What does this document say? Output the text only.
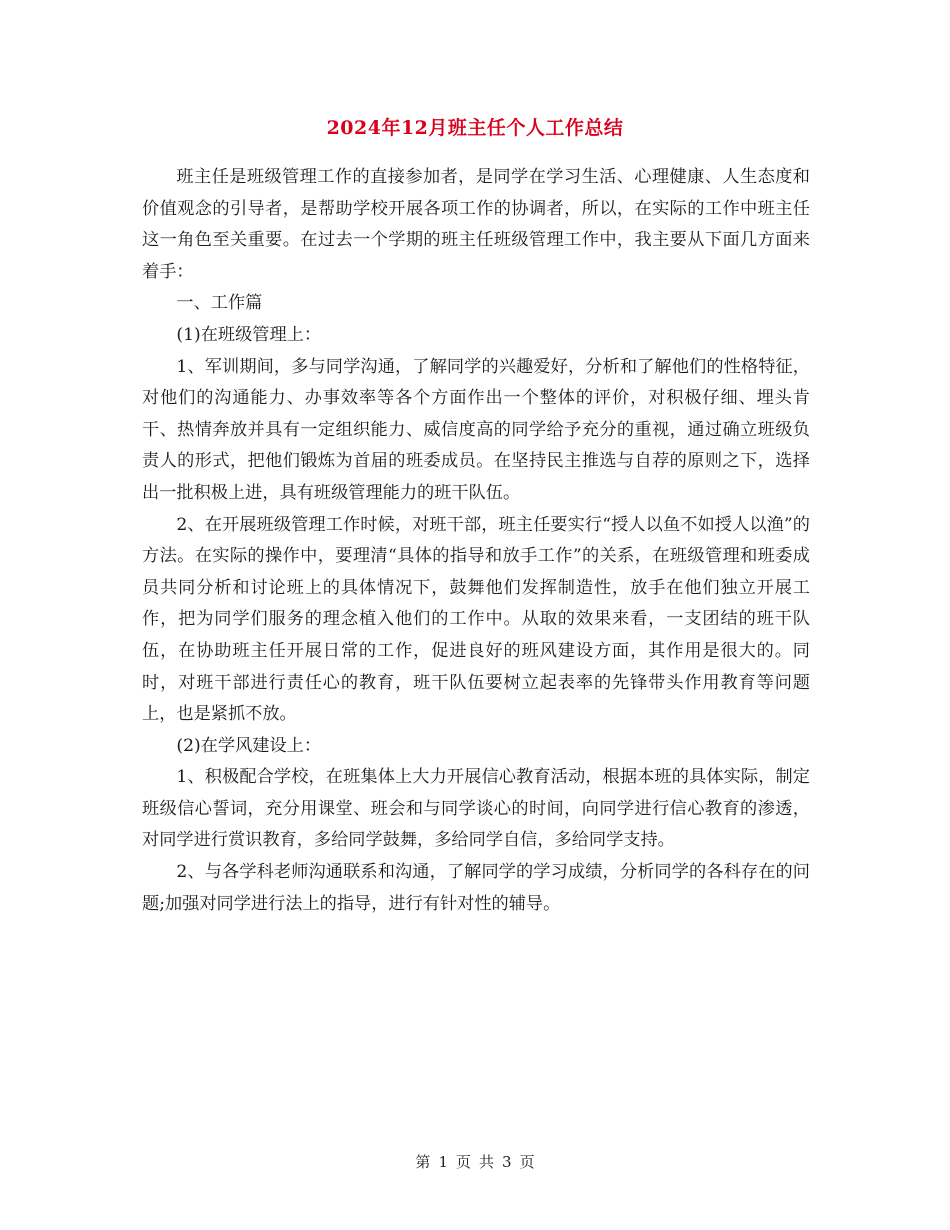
2024年12月班主任个人工作总结

班主任是班级管理工作的直接参加者，是同学在学习生活、心理健康、人生态度和价值观念的引导者，是帮助学校开展各项工作的协调者，所以，在实际的工作中班主任这一角色至关重要。在过去一个学期的班主任班级管理工作中，我主要从下面几方面来着手：

一、工作篇

(1)在班级管理上：

1、军训期间，多与同学沟通，了解同学的兴趣爱好，分析和了解他们的性格特征，对他们的沟通能力、办事效率等各个方面作出一个整体的评价，对积极仔细、埋头肯干、热情奔放并具有一定组织能力、威信度高的同学给予充分的重视，通过确立班级负责人的形式，把他们锻炼为首届的班委成员。在坚持民主推选与自荐的原则之下，选择出一批积极上进，具有班级管理能力的班干队伍。

2、在开展班级管理工作时候，对班干部，班主任要实行“授人以鱼不如授人以渔”的方法。在实际的操作中，要理清“具体的指导和放手工作”的关系，在班级管理和班委成员共同分析和讨论班上的具体情况下，鼓舞他们发挥制造性，放手在他们独立开展工作，把为同学们服务的理念植入他们的工作中。从取的效果来看，一支团结的班干队伍，在协助班主任开展日常的工作，促进良好的班风建设方面，其作用是很大的。同时，对班干部进行责任心的教育，班干队伍要树立起表率的先锋带头作用教育等问题上，也是紧抓不放。

(2)在学风建设上：

1、积极配合学校，在班集体上大力开展信心教育活动，根据本班的具体实际，制定班级信心誓词，充分用课堂、班会和与同学谈心的时间，向同学进行信心教育的渗透，对同学进行赏识教育，多给同学鼓舞，多给同学自信，多给同学支持。

2、与各学科老师沟通联系和沟通，了解同学的学习成绩，分析同学的各科存在的问题;加强对同学进行法上的指导，进行有针对性的辅导。

第 1 页 共 3 页
